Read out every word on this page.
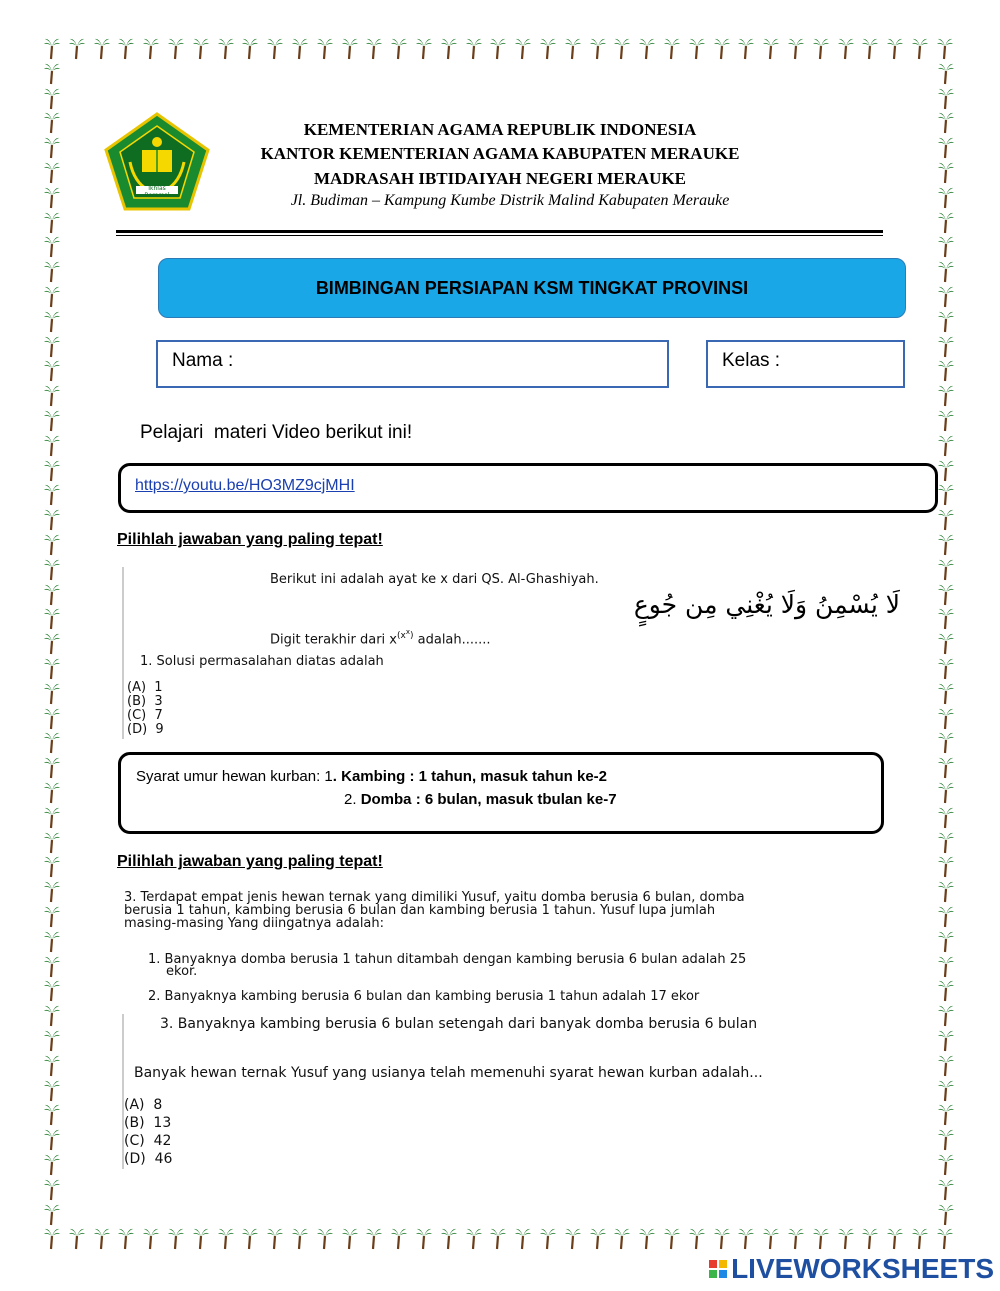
Ikhlas Beramal
KEMENTERIAN AGAMA REPUBLIK INDONESIA
KANTOR KEMENTERIAN AGAMA KABUPATEN MERAUKE
MADRASAH IBTIDAIYAH NEGERI MERAUKE
Jl. Budiman – Kampung Kumbe Distrik Malind Kabupaten Merauke
BIMBINGAN PERSIAPAN KSM TINGKAT PROVINSI
Nama :	Kelas :
Pelajari  materi Video berikut ini!
https://youtu.be/HO3MZ9cjMHI
Pilihlah jawaban yang paling tepat!
Berikut ini adalah ayat ke x dari QS. Al-Ghashiyah.
لَا يُسْمِنُ وَلَا يُغْنِي مِن جُوعٍ
Digit terakhir dari $x^{(x^x)}$ adalah.......
1. Solusi permasalahan diatas adalah
(A)  1
(B)  3
(C)  7
(D)  9
Syarat umur hewan kurban: 1. Kambing : 1 tahun, masuk tahun ke-2
2. Domba : 6 bulan, masuk tbulan ke-7
Pilihlah jawaban yang paling tepat!
3. Terdapat empat jenis hewan ternak yang dimiliki Yusuf, yaitu domba berusia 6 bulan, domba
berusia 1 tahun, kambing berusia 6 bulan dan kambing berusia 1 tahun. Yusuf lupa jumlah
masing-masing Yang diingatnya adalah:
1. Banyaknya domba berusia 1 tahun ditambah dengan kambing berusia 6 bulan adalah 25
ekor.
2. Banyaknya kambing berusia 6 bulan dan kambing berusia 1 tahun adalah 17 ekor
3. Banyaknya kambing berusia 6 bulan setengah dari banyak domba berusia 6 bulan
Banyak hewan ternak Yusuf yang usianya telah memenuhi syarat hewan kurban adalah...
(A)  8
(B)  13
(C)  42
(D)  46
LIVEWORKSHEETS
